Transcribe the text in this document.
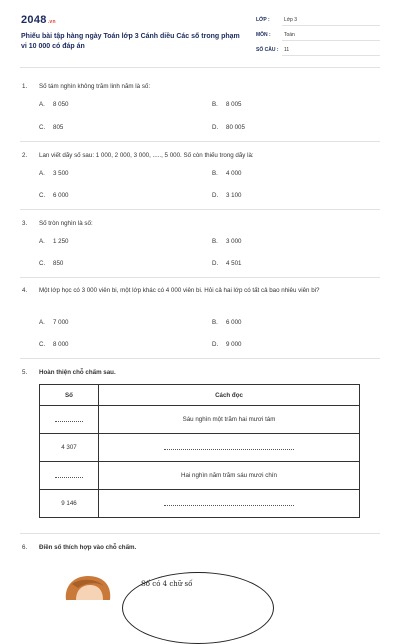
2048.vn
Phiếu bài tập hàng ngày Toán lớp 3 Cánh diều Các số trong phạm vi 10 000 có đáp án
LỚP :	Lớp 3
MÔN :	Toán
SỐ CÂU : 11
1. Số tám nghìn không trăm linh năm là số:
A. 8 050	B. 8 005
C. 805	D. 80 005
2. Lan viết dãy số sau: 1 000, 2 000, 3 000, ....., 5 000. Số còn thiếu trong dãy là:
A. 3 500	B. 4 000
C. 6 000	D. 3 100
3. Số tròn nghìn là số:
A. 1 250	B. 3 000
C. 850	D. 4 501
4. Một lớp học có 3 000 viên bi, một lớp khác có 4 000 viên bi. Hỏi cả hai lớp có tất cả bao nhiêu viên bi?
A. 7 000	B. 6 000
C. 8 000	D. 9 000
5. Hoàn thiện chỗ chấm sau.
Số	Cách đọc
	Sáu nghìn một trăm hai mươi tám
4 307	
	Hai nghìn năm trăm sáu mươi chín
9 146	
6. Điền số thích hợp vào chỗ chấm.
Số có 4 chữ số
